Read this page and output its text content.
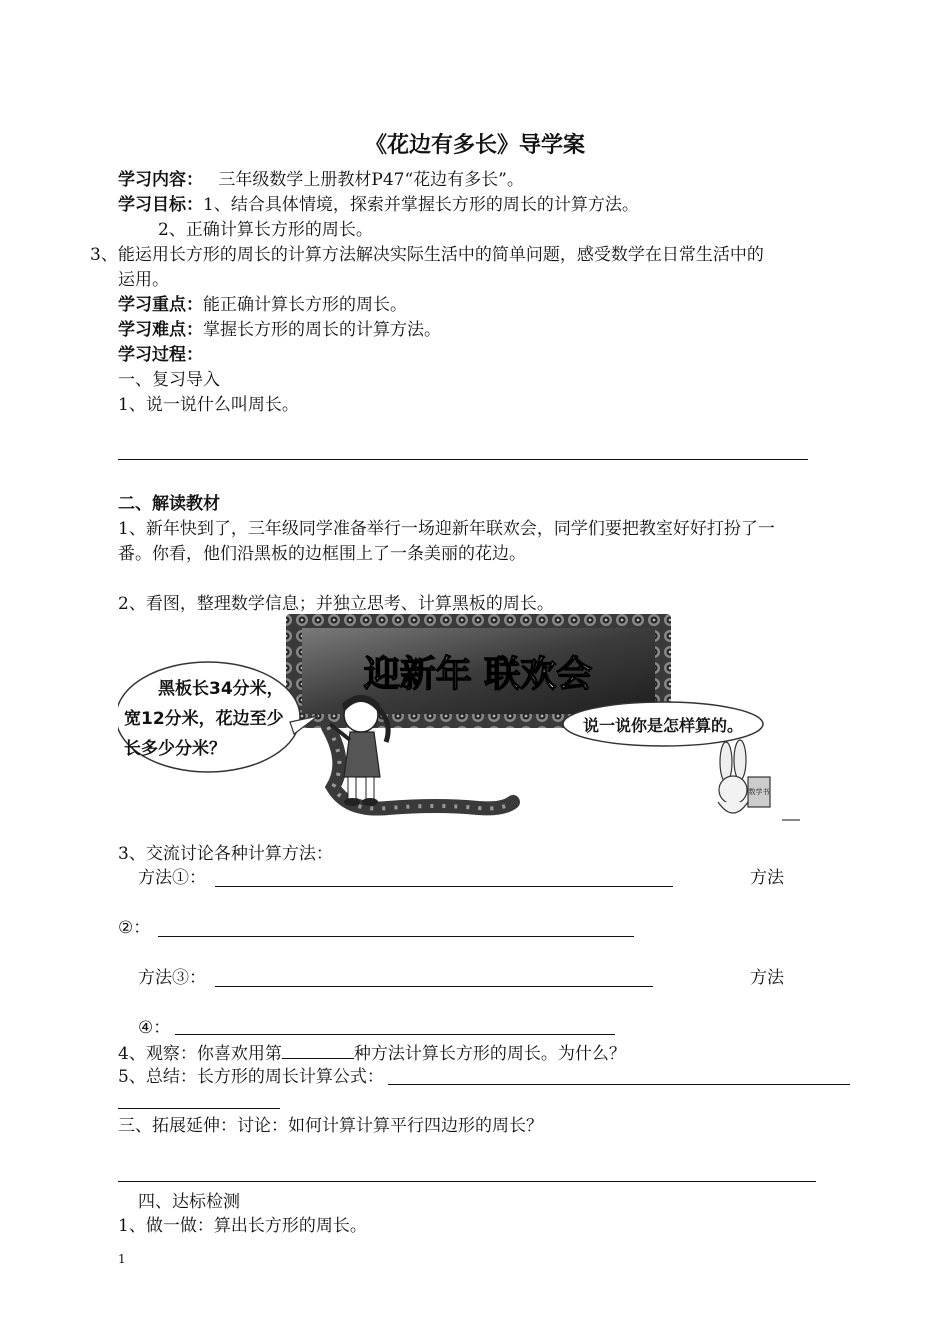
《花边有多长》导学案
学习内容： 三年级数学上册教材P47“花边有多长”。
学习目标：1、结合具体情境，探索并掌握长方形的周长的计算方法。
2、正确计算长方形的周长。
3、能运用长方形的周长的计算方法解决实际生活中的简单问题，感受数学在日常生活中的
运用。
学习重点：能正确计算长方形的周长。
学习难点：掌握长方形的周长的计算方法。
学习过程：
一、复习导入
1、说一说什么叫周长。
二、解读教材
1、新年快到了，三年级同学准备举行一场迎新年联欢会，同学们要把教室好好打扮了一
番。你看，他们沿黑板的边框围上了一条美丽的花边。
2、看图，整理数学信息；并独立思考、计算黑板的周长。
迎新年 联欢会
黑板长34分米，
宽12分米，花边至少
长多少分米？
说一说你是怎样算的。
数学书
3、交流讨论各种计算方法：
方法①：	方法
②：
方法③：	方法
④：
4、观察：你喜欢用第	种方法计算长方形的周长。为什么？
5、总结：长方形的周长计算公式：
三、拓展延伸：讨论：如何计算计算平行四边形的周长？
四、达标检测
1、做一做：算出长方形的周长。
1
